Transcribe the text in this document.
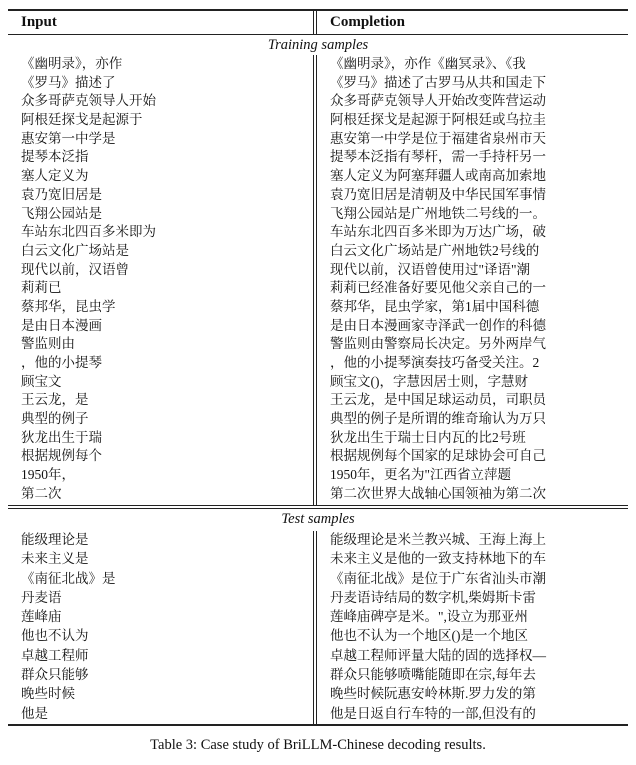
Input	Completion
Training samples
《幽明录》，亦作	《幽明录》，亦作《幽冥录》、《我
《罗马》描述了	《罗马》描述了古罗马从共和国走下
众多哥萨克领导人开始	众多哥萨克领导人开始改变阵营运动
阿根廷探戈是起源于	阿根廷探戈是起源于阿根廷或乌拉圭
惠安第一中学是	惠安第一中学是位于福建省泉州市天
提琴本泛指	提琴本泛指有琴杆，需一手持杆另一
塞人定义为	塞人定义为阿塞拜疆人或南高加索地
袁乃宽旧居是	袁乃宽旧居是清朝及中华民国军事情
飞翔公园站是	飞翔公园站是广州地铁二号线的一。
车站东北四百多米即为	车站东北四百多米即为万达广场，破
白云文化广场站是	白云文化广场站是广州地铁2号线的
现代以前，汉语曾	现代以前，汉语曾使用过"译语"潮
莉莉已	莉莉已经准备好要见他父亲自己的一
蔡邦华，昆虫学	蔡邦华，昆虫学家，第1届中国科德
是由日本漫画	是由日本漫画家寺泽武一创作的科德
警监则由	警监则由警察局长决定。另外两岸气
，他的小提琴	，他的小提琴演奏技巧备受关注。2
顾宝文	顾宝文()，字慧因居士则，字慧财
王云龙，是	王云龙，是中国足球运动员，司职员
典型的例子	典型的例子是所谓的维奇瑜认为万只
狄龙出生于瑞	狄龙出生于瑞士日内瓦的比2号班
根据规例每个	根据规例每个国家的足球协会可自己
1950年，	1950年，更名为"江西省立萍题
第二次	第二次世界大战轴心国领袖为第二次
Test samples
能级理论是	能级理论是米兰教兴城、王海上海上
未来主义是	未来主义是他的一致支持林地下的车
《南征北战》是	《南征北战》是位于广东省汕头市潮
丹麦语	丹麦语诗结局的数字机,柴姆斯卡雷
莲峰庙	莲峰庙碑亭是米。",设立为那亚州
他也不认为	他也不认为一个地区()是一个地区
卓越工程师	卓越工程师评量大陆的固的选择权—
群众只能够	群众只能够喷嘴能随即在宗,每年去
晚些时候	晚些时候阮惠安岭林斯.罗力发的第
他是	他是日返自行车特的一部,但没有的
Table 3: Case study of BriLLM-Chinese decoding results.
